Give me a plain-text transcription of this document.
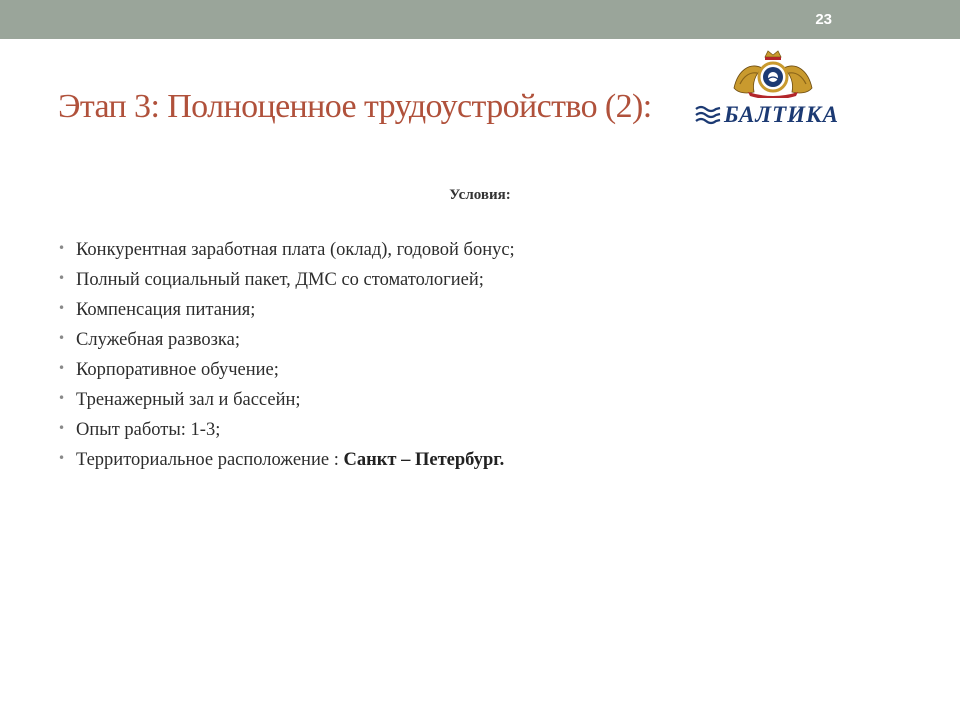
23
Этап 3: Полноценное трудоустройство (2):	БАЛТИКА
Условия:
• Конкурентная заработная плата (оклад), годовой бонус;
• Полный социальный пакет, ДМС со стоматологией;
• Компенсация питания;
• Служебная развозка;
• Корпоративное обучение;
• Тренажерный зал и бассейн;
• Опыт работы: 1-3;
• Территориальное расположение : Санкт – Петербург.
